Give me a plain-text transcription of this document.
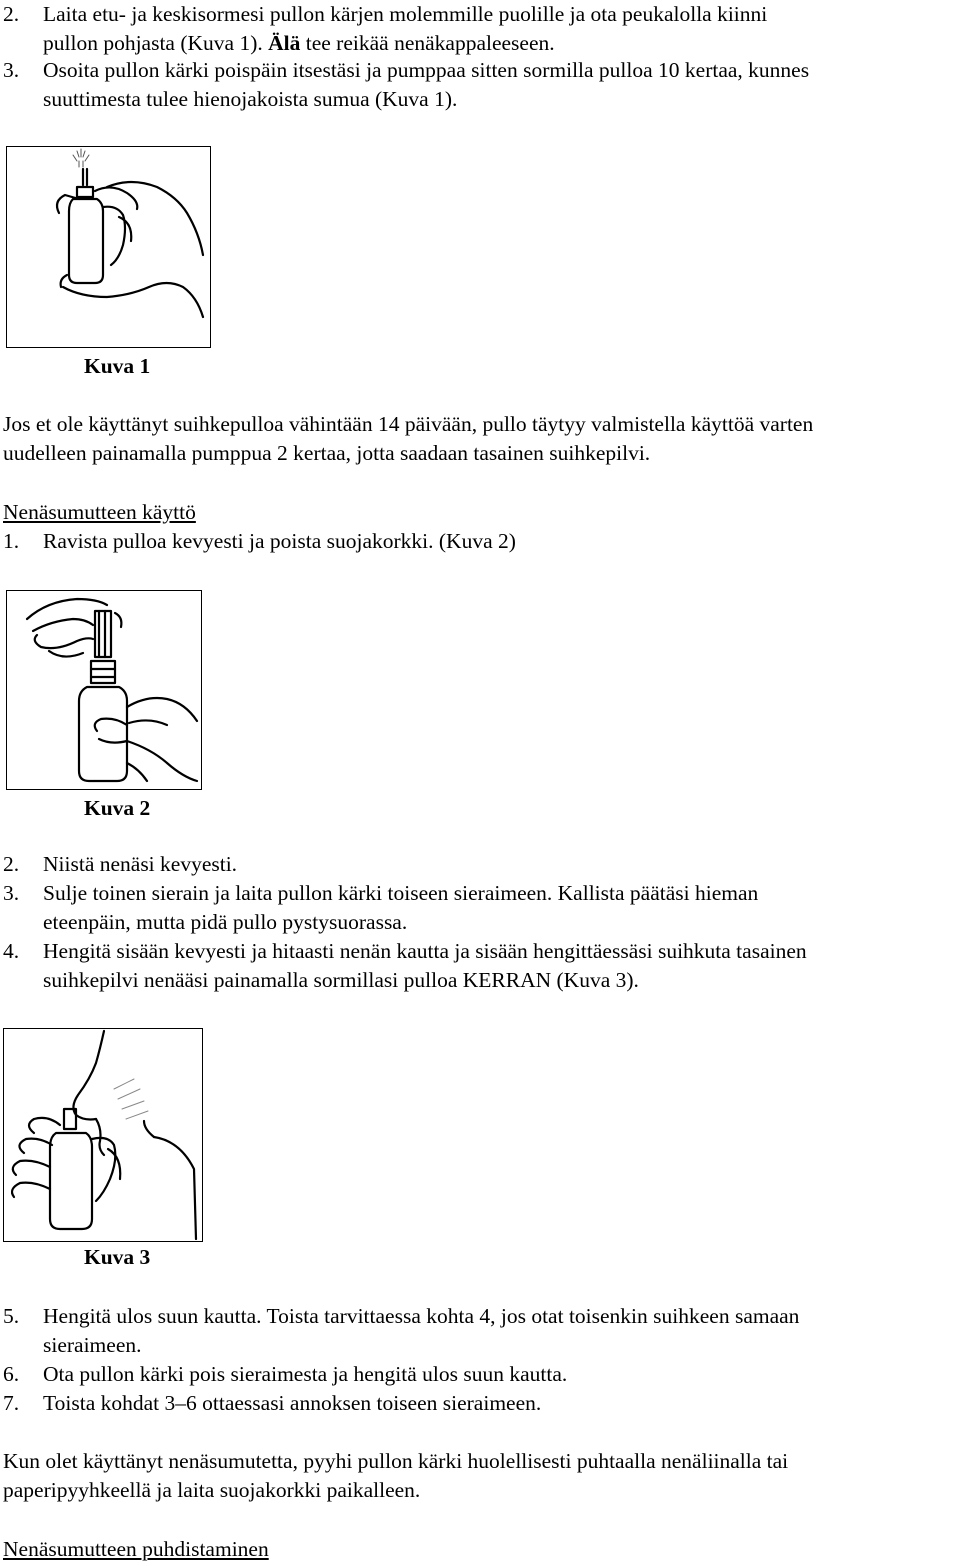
2. Laita etu- ja keskisormesi pullon kärjen molemmille puolille ja ota peukalolla kiinni
pullon pohjasta (Kuva 1). Älä tee reikää nenäkappaleeseen.
3. Osoita pullon kärki poispäin itsestäsi ja pumppaa sitten sormilla pulloa 10 kertaa, kunnes
suuttimesta tulee hienojakoista sumua (Kuva 1).
Kuva 1
Jos et ole käyttänyt suihkepulloa vähintään 14 päivään, pullo täytyy valmistella käyttöä varten
uudelleen painamalla pumppua 2 kertaa, jotta saadaan tasainen suihkepilvi.
Nenäsumutteen käyttö
1. Ravista pulloa kevyesti ja poista suojakorkki. (Kuva 2)
Kuva 2
2. Niistä nenäsi kevyesti.
3. Sulje toinen sierain ja laita pullon kärki toiseen sieraimeen. Kallista päätäsi hieman
eteenpäin, mutta pidä pullo pystysuorassa.
4. Hengitä sisään kevyesti ja hitaasti nenän kautta ja sisään hengittäessäsi suihkuta tasainen
suihkepilvi nenääsi painamalla sormillasi pulloa KERRAN (Kuva 3).
Kuva 3
5. Hengitä ulos suun kautta. Toista tarvittaessa kohta 4, jos otat toisenkin suihkeen samaan
sieraimeen.
6. Ota pullon kärki pois sieraimesta ja hengitä ulos suun kautta.
7. Toista kohdat 3–6 ottaessasi annoksen toiseen sieraimeen.
Kun olet käyttänyt nenäsumutetta, pyyhi pullon kärki huolellisesti puhtaalla nenäliinalla tai
paperipyyhkeellä ja laita suojakorkki paikalleen.
Nenäsumutteen puhdistaminen
